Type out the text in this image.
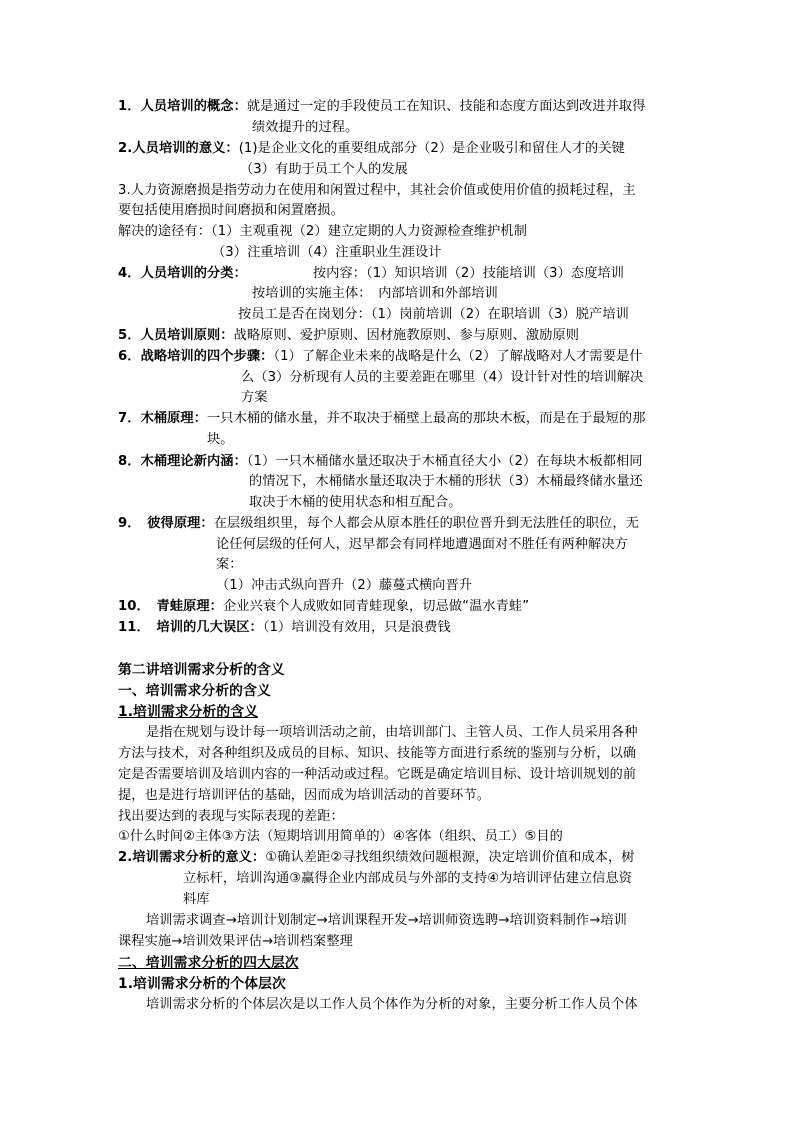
1．人员培训的概念：就是通过一定的手段使员工在知识、技能和态度方面达到改进并取得
绩效提升的过程。
2.人员培训的意义：(1)是企业文化的重要组成部分（2）是企业吸引和留住人才的关键
（3）有助于员工个人的发展
3.人力资源磨损是指劳动力在使用和闲置过程中，其社会价值或使用价值的损耗过程，主
要包括使用磨损时间磨损和闲置磨损。
解决的途径有：（1）主观重视（2）建立定期的人力资源检查维护机制
（3）注重培训（4）注重职业生涯设计
4．人员培训的分类：	按内容：（1）知识培训（2）技能培训（3）态度培训
按培训的实施主体：　内部培训和外部培训
按员工是否在岗划分：（1）岗前培训（2）在职培训（3）脱产培训
5．人员培训原则：战略原则、爱护原则、因材施教原则、参与原则、激励原则
6．战略培训的四个步骤：（1）了解企业未来的战略是什么（2）了解战略对人才需要是什
么（3）分析现有人员的主要差距在哪里（4）设计针对性的培训解决
方案
7．木桶原理：一只木桶的储水量，并不取决于桶壁上最高的那块木板，而是在于最短的那
块。
8．木桶理论新内涵：（1）一只木桶储水量还取决于木桶直径大小（2）在每块木板都相同
的情况下，木桶储水量还取决于木桶的形状（3）木桶最终储水量还
取决于木桶的使用状态和相互配合。
9．　彼得原理：在层级组织里，每个人都会从原本胜任的职位晋升到无法胜任的职位，无
论任何层级的任何人，迟早都会有同样地遭遇面对不胜任有两种解决方
案：
（1）冲击式纵向晋升（2）藤蔓式横向晋升
10．　青蛙原理：企业兴衰个人成败如同青蛙现象，切忌做“温水青蛙”
11．　培训的几大误区：（1）培训没有效用，只是浪费钱
第二讲培训需求分析的含义
一、培训需求分析的含义
1.培训需求分析的含义
是指在规划与设计每一项培训活动之前，由培训部门、主管人员、工作人员采用各种
方法与技术，对各种组织及成员的目标、知识、技能等方面进行系统的鉴别与分析，以确
定是否需要培训及培训内容的一种活动或过程。它既是确定培训目标、设计培训规划的前
提，也是进行培训评估的基础，因而成为培训活动的首要环节。
找出要达到的表现与实际表现的差距：
①什么时间②主体③方法（短期培训用简单的）④客体（组织、员工）⑤目的
2.培训需求分析的意义：①确认差距②寻找组织绩效问题根源，决定培训价值和成本，树
立标杆，培训沟通③赢得企业内部成员与外部的支持④为培训评估建立信息资
料库
培训需求调查→培训计划制定→培训课程开发→培训师资选聘→培训资料制作→培训
课程实施→培训效果评估→培训档案整理
二、培训需求分析的四大层次
1.培训需求分析的个体层次
培训需求分析的个体层次是以工作人员个体作为分析的对象，主要分析工作人员个体
